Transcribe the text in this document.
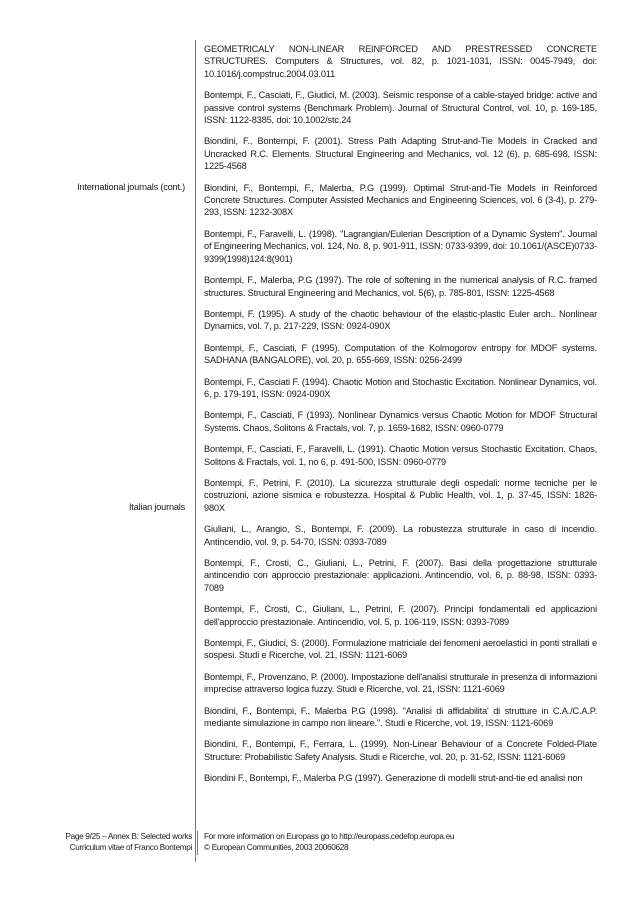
International journals (cont.)
Italian journals

GEOMETRICALY NON-LINEAR REINFORCED AND PRESTRESSED CONCRETE STRUCTURES. Computers & Structures, vol. 82, p. 1021-1031, ISSN: 0045-7949, doi: 10.1016/j.compstruc.2004.03.011

Bontempi, F., Casciati, F., Giudici, M. (2003). Seismic response of a cable-stayed bridge: active and passive control systems (Benchmark Problem). Journal of Structural Control, vol. 10, p. 169-185, ISSN: 1122-8385, doi: 10.1002/stc.24

Biondini, F., Bontempi, F. (2001). Stress Path Adapting Strut-and-Tie Models in Cracked and Uncracked R.C. Elements. Structural Engineering and Mechanics, vol. 12 (6), p. 685-698, ISSN: 1225-4568

Biondini, F., Bontempi, F., Malerba, P.G (1999). Optimal Strut-and-Tie Models in Reinforced Concrete Structures. Computer Assisted Mechanics and Engineering Sciences, vol. 6 (3-4), p. 279-293, ISSN: 1232-308X

Bontempi, F., Faravelli, L. (1998). "Lagrangian/Eulerian Description of a Dynamic System". Journal of Engineering Mechanics, vol. 124, No. 8, p. 901-911, ISSN: 0733-9399, doi: 10.1061/(ASCE)0733-9399(1998)124:8(901)

Bontempi, F., Malerba, P.G (1997). The role of softening in the numerical analysis of R.C. framed structures. Structural Engineering and Mechanics, vol. 5(6), p. 785-801, ISSN: 1225-4568

Bontempi, F. (1995). A study of the chaotic behaviour of the elastic-plastic Euler arch.. Nonlinear Dynamics, vol. 7, p. 217-229, ISSN: 0924-090X

Bontempi, F., Casciati, F (1995). Computation of the Kolmogorov entropy for MDOF systems. SADHANA (BANGALORE), vol. 20, p. 655-669, ISSN: 0256-2499

Bontempi, F., Casciati F. (1994). Chaotic Motion and Stochastic Excitation. Nonlinear Dynamics, vol. 6, p. 179-191, ISSN: 0924-090X

Bontempi, F., Casciati, F (1993). Nonlinear Dynamics versus Chaotic Motion for MDOF Structural Systems. Chaos, Solitons & Fractals, vol. 7, p. 1659-1682, ISSN: 0960-0779

Bontempi, F., Casciati, F., Faravelli, L. (1991). Chaotic Motion versus Stochastic Excitation. Chaos, Solitons & Fractals, vol. 1, no 6, p. 491-500, ISSN: 0960-0779

Bontempi, F., Petrini, F. (2010). La sicurezza strutturale degli ospedali: norme tecniche per le costruzioni, azione sismica e robustezza. Hospital & Public Health, vol. 1, p. 37-45, ISSN: 1826-980X

Giuliani, L., Arangio, S., Bontempi, F. (2009). La robustezza strutturale in caso di incendio. Antincendio, vol. 9, p. 54-70, ISSN: 0393-7089

Bontempi, F., Crosti, C., Giuliani, L., Petrini, F. (2007). Basi della progettazione strutturale antincendio con approccio prestazionale: applicazioni. Antincendio, vol. 6, p. 88-98, ISSN: 0393-7089

Bontempi, F., Crosti, C., Giuliani, L., Petrini, F. (2007). Principi fondamentali ed applicazioni dell'approccio prestazionale. Antincendio, vol. 5, p. 106-119, ISSN: 0393-7089

Bontempi, F., Giudici, S. (2000). Formulazione matriciale dei fenomeni aeroelastici in ponti strallati e sospesi. Studi e Ricerche, vol. 21, ISSN: 1121-6069

Bontempi, F., Provenzano, P. (2000). Impostazione dell'analisi strutturale in presenza di informazioni imprecise attraverso logica fuzzy. Studi e Ricerche, vol. 21, ISSN: 1121-6069

Biondini, F., Bontempi, F., Malerba P.G (1998). "Analisi di affidabilita' di strutture in C.A./C.A.P. mediante simulazione in campo non lineare.". Studi e Ricerche, vol. 19, ISSN: 1121-6069

Biondini, F., Bontempi, F., Ferrara, L. (1999). Non-Linear Behaviour of a Concrete Folded-Plate Structure: Probabilistic Safety Analysis. Studi e Ricerche, vol. 20, p. 31-52, ISSN: 1121-6069

Biondini F., Bontempi, F., Malerba P.G (1997). Generazione di modelli strut-and-tie ed analisi non

Page 9/25 – Annex B: Selected works
Curriculum vitae of Franco Bontempi
For more information on Europass go to http://europass.cedefop.europa.eu
© European Communities, 2003 20060628
